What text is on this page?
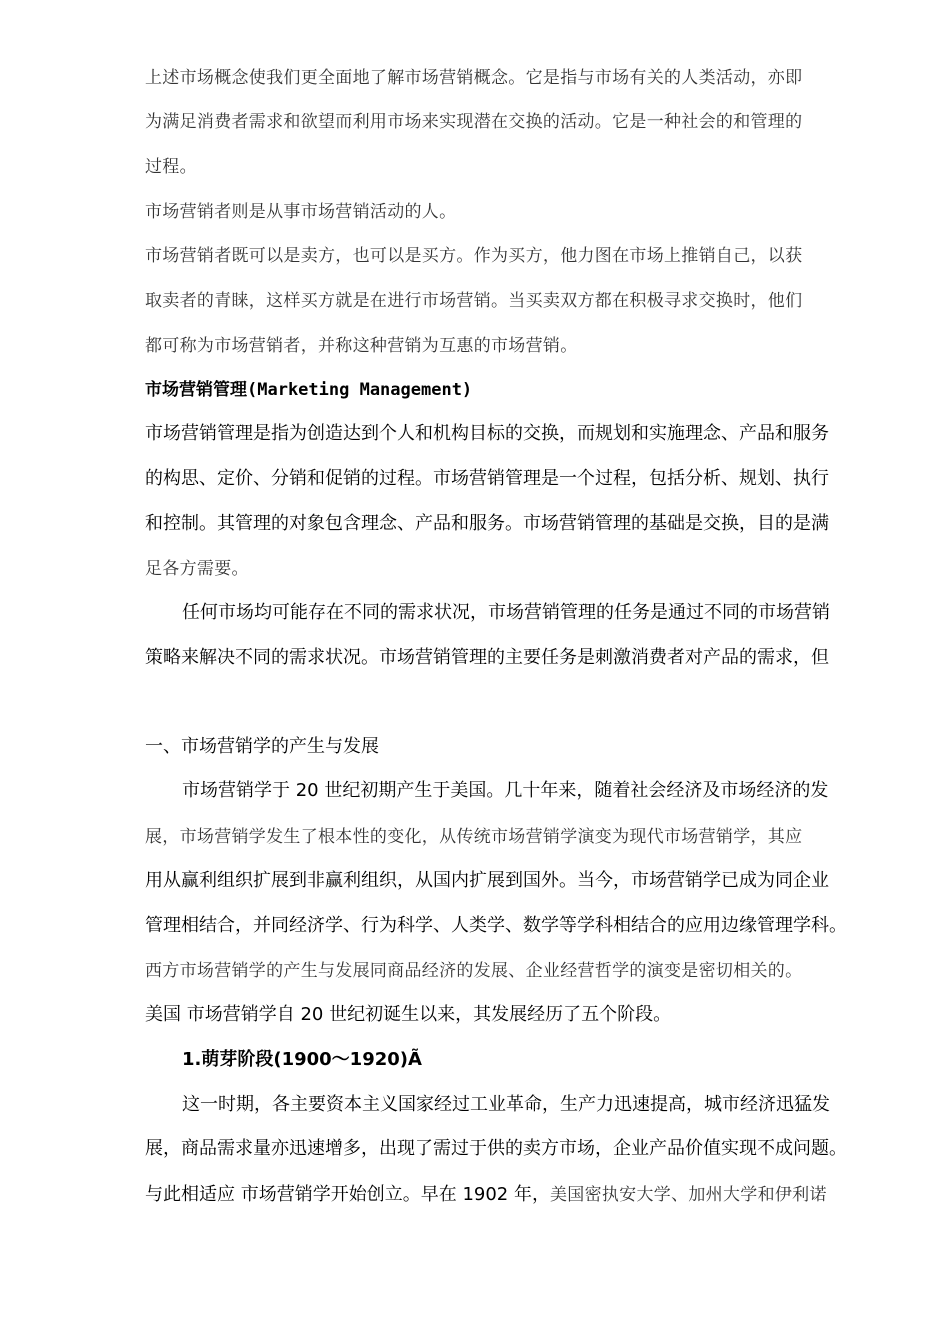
上述市场概念使我们更全面地了解市场营销概念。它是指与市场有关的人类活动，亦即
为满足消费者需求和欲望而利用市场来实现潜在交换的活动。它是一种社会的和管理的
过程。
市场营销者则是从事市场营销活动的人。
市场营销者既可以是卖方，也可以是买方。作为买方，他力图在市场上推销自己，以获
取卖者的青睐，这样买方就是在进行市场营销。当买卖双方都在积极寻求交换时，他们
都可称为市场营销者，并称这种营销为互惠的市场营销。
市场营销管理(Marketing Management)
市场营销管理是指为创造达到个人和机构目标的交换，而规划和实施理念、产品和服务
的构思、定价、分销和促销的过程。市场营销管理是一个过程，包括分析、规划、执行
和控制。其管理的对象包含理念、产品和服务。市场营销管理的基础是交换，目的是满
足各方需要。
任何市场均可能存在不同的需求状况，市场营销管理的任务是通过不同的市场营销
策略来解决不同的需求状况。市场营销管理的主要任务是刺激消费者对产品的需求，但
一、市场营销学的产生与发展
市场营销学于 20 世纪初期产生于美国。几十年来，随着社会经济及市场经济的发
展，市场营销学发生了根本性的变化，从传统市场营销学演变为现代市场营销学，其应
用从赢利组织扩展到非赢利组织，从国内扩展到国外。当今，市场营销学已成为同企业
管理相结合，并同经济学、行为科学、人类学、数学等学科相结合的应用边缘管理学科。
西方市场营销学的产生与发展同商品经济的发展、企业经营哲学的演变是密切相关的。
美国 市场营销学自 20 世纪初诞生以来，其发展经历了五个阶段。
1.萌芽阶段(1900～1920)Ã
这一时期，各主要资本主义国家经过工业革命，生产力迅速提高，城市经济迅猛发
展，商品需求量亦迅速增多，出现了需过于供的卖方市场，企业产品价值实现不成问题。
与此相适应 市场营销学开始创立。早在 1902 年，美国密执安大学、加州大学和伊利诺
